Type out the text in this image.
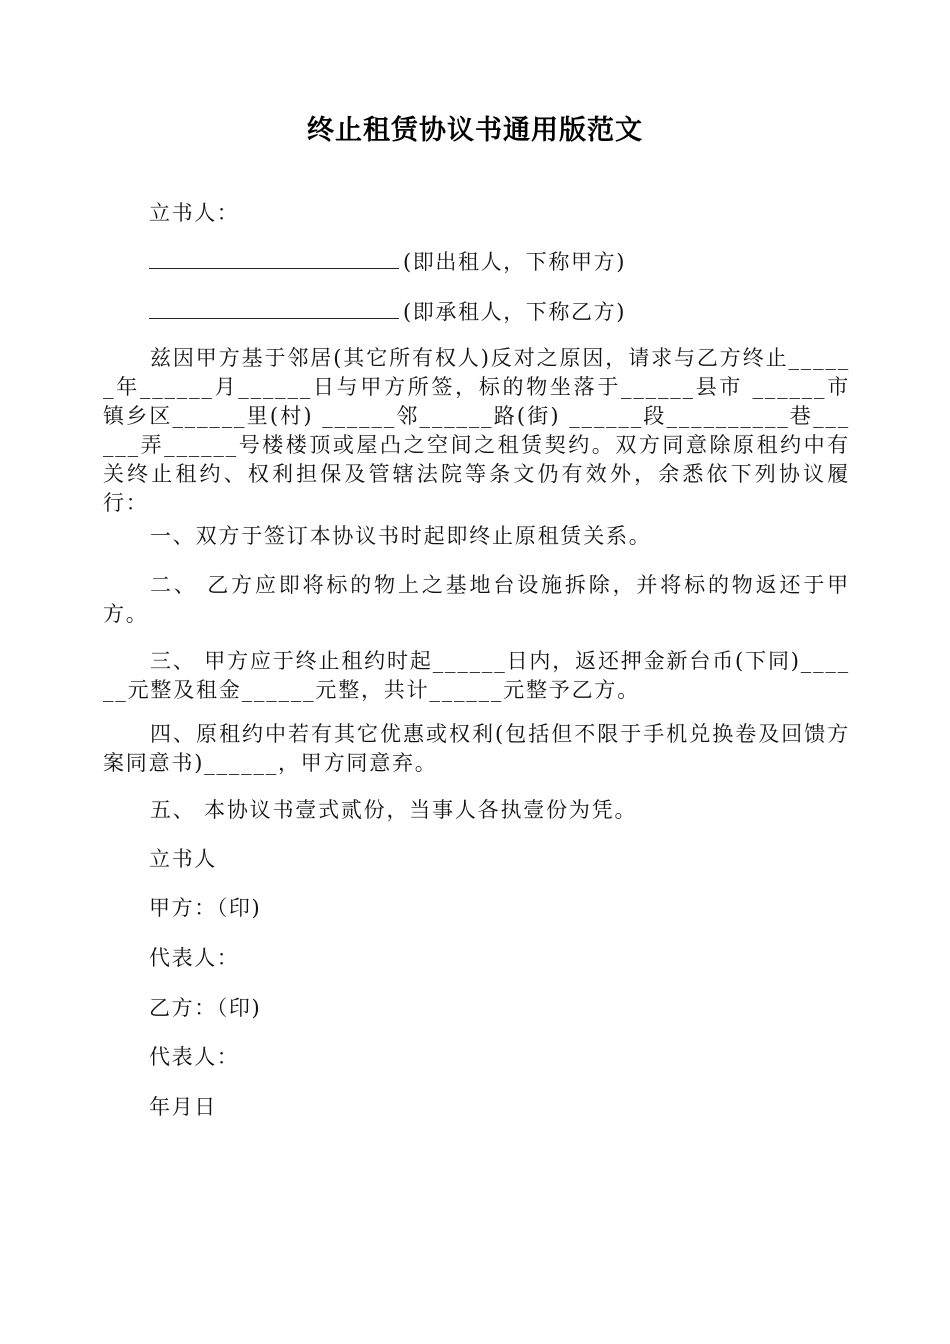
终止租赁协议书通用版范文
立书人：
(即出租人，下称甲方)
(即承租人，下称乙方)
兹因甲方基于邻居(其它所有权人)反对之原因，请求与乙方终止______年______月______日与甲方所签，标的物坐落于______县市 ______市镇乡区______里(村) ______邻______路(街) ______段__________巷______弄______号楼楼顶或屋凸之空间之租赁契约。双方同意除原租约中有关终止租约、权利担保及管辖法院等条文仍有效外，余悉依下列协议履行：
一、双方于签订本协议书时起即终止原租赁关系。
二、 乙方应即将标的物上之基地台设施拆除，并将标的物返还于甲方。
三、 甲方应于终止租约时起______日内，返还押金新台币(下同)______元整及租金______元整，共计______元整予乙方。
四、原租约中若有其它优惠或权利(包括但不限于手机兑换卷及回馈方案同意书)______，甲方同意弃。
五、 本协议书壹式贰份，当事人各执壹份为凭。
立书人
甲方：（印)
代表人：
乙方：（印)
代表人：
年月日
